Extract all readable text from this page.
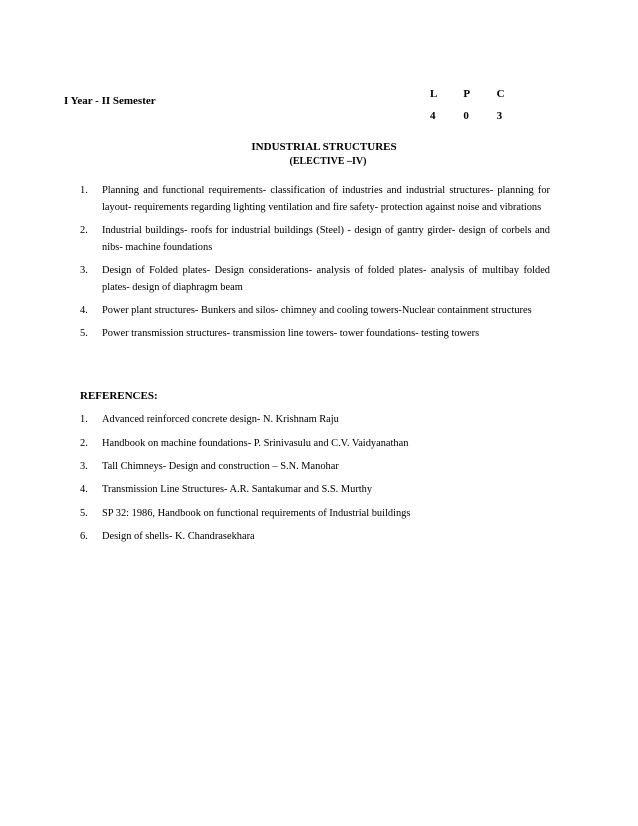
L	P	C
4	0	3
I Year - II Semester
INDUSTRIAL STRUCTURES
(ELECTIVE –IV)
1.	Planning and functional requirements- classification of industries and industrial structures- planning for layout- requirements regarding lighting ventilation and fire safety- protection against noise and vibrations
2.	Industrial buildings- roofs for industrial buildings (Steel) - design of gantry girder- design of corbels and nibs- machine foundations
3.	Design of Folded plates- Design considerations- analysis of folded plates- analysis of multibay folded plates- design of diaphragm beam
4.	Power plant structures- Bunkers and silos- chimney and cooling towers-Nuclear containment structures
5.	Power transmission structures- transmission line towers- tower foundations- testing towers
REFERENCES:
1.	Advanced reinforced concrete design- N. Krishnam Raju
2.	Handbook on machine foundations- P. Srinivasulu and C.V. Vaidyanathan
3.	Tall Chimneys- Design and construction – S.N. Manohar
4.	Transmission Line Structures- A.R. Santakumar and S.S. Murthy
5.	SP 32: 1986, Handbook on functional requirements of Industrial buildings
6.	Design of shells- K. Chandrasekhara
